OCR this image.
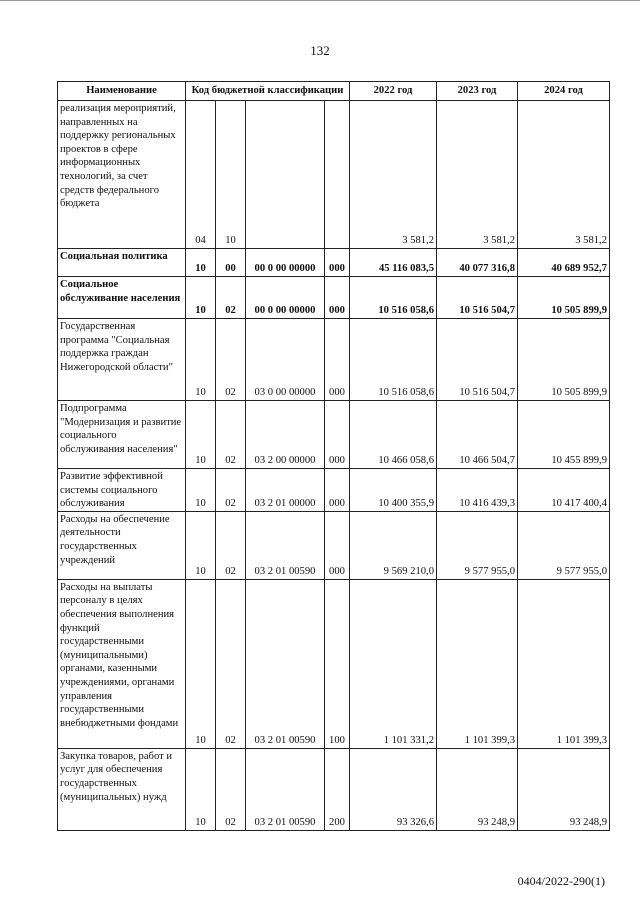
132
Наименование	Код бюджетной классификации				2022 год	2023 год	2024 год
реализация мероприятий, направленных на поддержку региональных проектов в сфере информационных технологий, за счет средств федерального бюджета	04	10			3 581,2	3 581,2	3 581,2
Социальная политика	10	00	00 0 00 00000	000	45 116 083,5	40 077 316,8	40 689 952,7
Социальное обслуживание населения	10	02	00 0 00 00000	000	10 516 058,6	10 516 504,7	10 505 899,9
Государственная программа "Социальная поддержка граждан Нижегородской области"	10	02	03 0 00 00000	000	10 516 058,6	10 516 504,7	10 505 899,9
Подпрограмма "Модернизация и развитие социального обслуживания населения"	10	02	03 2 00 00000	000	10 466 058,6	10 466 504,7	10 455 899,9
Развитие эффективной системы социального обслуживания	10	02	03 2 01 00000	000	10 400 355,9	10 416 439,3	10 417 400,4
Расходы на обеспечение деятельности государственных учреждений	10	02	03 2 01 00590	000	9 569 210,0	9 577 955,0	9 577 955,0
Расходы на выплаты персоналу в целях обеспечения выполнения функций государственными (муниципальными) органами, казенными учреждениями, органами управления государственными внебюджетными фондами	10	02	03 2 01 00590	100	1 101 331,2	1 101 399,3	1 101 399,3
Закупка товаров, работ и услуг для обеспечения государственных (муниципальных) нужд	10	02	03 2 01 00590	200	93 326,6	93 248,9	93 248,9
0404/2022-290(1)
